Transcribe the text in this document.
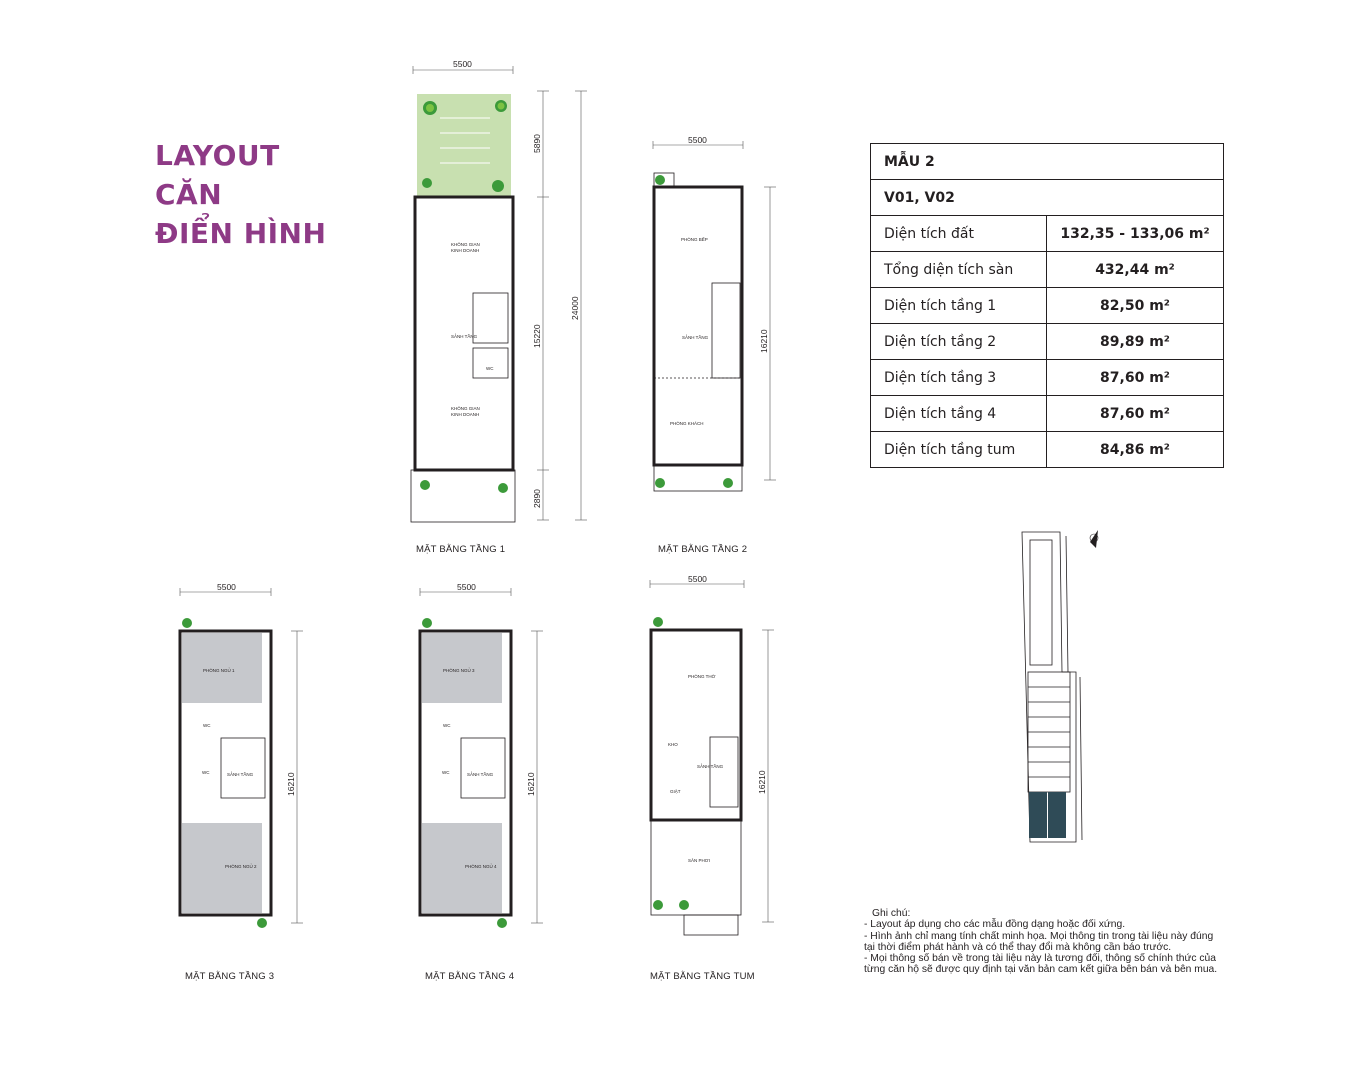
LAYOUT
CĂN
ĐIỂN HÌNH
5500
KHÔNG GIAN
KINH DOANH
SẢNH TẦNG
WC
KHÔNG GIAN
KINH DOANH
5890
15220
2890
24000
MẶT BẰNG TẦNG 1
5500
PHÒNG BẾP
SẢNH TẦNG
PHÒNG KHÁCH
16210
MẶT BẰNG TẦNG 2
5500
PHÒNG NGỦ 1
WC
WC	SẢNH TẦNG
PHÒNG NGỦ 2
16210
MẶT BẰNG TẦNG 3
5500
PHÒNG NGỦ 3
WC
WC	SẢNH TẦNG
PHÒNG NGỦ 4
16210
MẶT BẰNG TẦNG 4
5500
PHÒNG THỜ
KHO
SẢNH TẦNG
GIẶT
SÂN PHƠI
16210
MẶT BẰNG TẦNG TUM
MẪU 2	
V01, V02	
Diện tích đất	132,35 - 133,06 m²
Tổng diện tích sàn	432,44 m²
Diện tích tầng 1	82,50 m²
Diện tích tầng 2	89,89 m²
Diện tích tầng 3	87,60 m²
Diện tích tầng 4	87,60 m²
Diện tích tầng tum	84,86 m²
Ghi chú:
- Layout áp dụng cho các mẫu đồng dạng hoặc đối xứng.
- Hình ảnh chỉ mang tính chất minh họa. Mọi thông tin trong tài liệu này đúng
tại thời điểm phát hành và có thể thay đổi mà không cần báo trước.
- Mọi thông số bán về trong tài liệu này là tương đối, thông số chính thức của
từng căn hộ sẽ được quy định tại văn bản cam kết giữa bên bán và bên mua.
